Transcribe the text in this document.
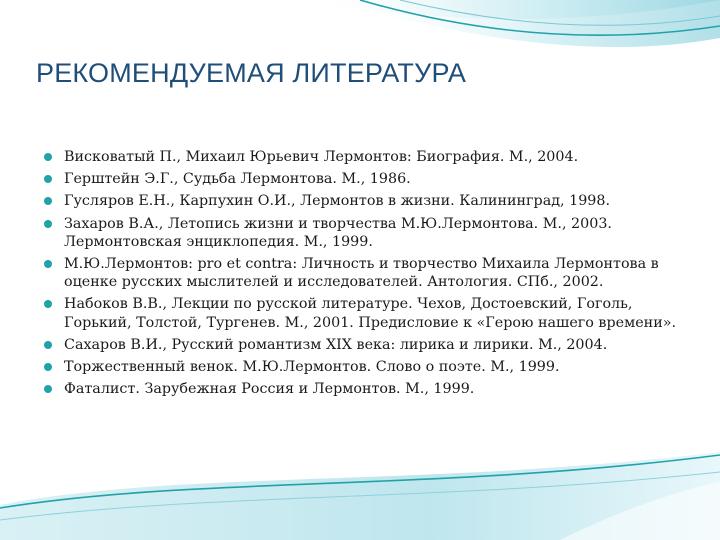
РЕКОМЕНДУЕМАЯ ЛИТЕРАТУРА
Висковатый П., Михаил Юрьевич Лермонтов: Биография. М., 2004.
Герштейн Э.Г., Судьба Лермонтова. М., 1986.
Гусляров Е.Н., Карпухин О.И., Лермонтов в жизни. Калининград, 1998.
Захаров В.А., Летопись жизни и творчества М.Ю.Лермонтова. М., 2003. Лермонтовская энциклопедия. М., 1999.
М.Ю.Лермонтов: pro et contra: Личность и творчество Михаила Лермонтова в оценке русских мыслителей и исследователей. Антология. СПб., 2002.
Набоков В.В., Лекции по русской литературе. Чехов, Достоевский, Гоголь, Горький, Толстой, Тургенев. М., 2001. Предисловие к «Герою нашего времени».
Сахаров В.И., Русский романтизм XIX века: лирика и лирики. М., 2004.
Торжественный венок. М.Ю.Лермонтов. Слово о поэте. М., 1999.
Фаталист. Зарубежная Россия и Лермонтов. М., 1999.
